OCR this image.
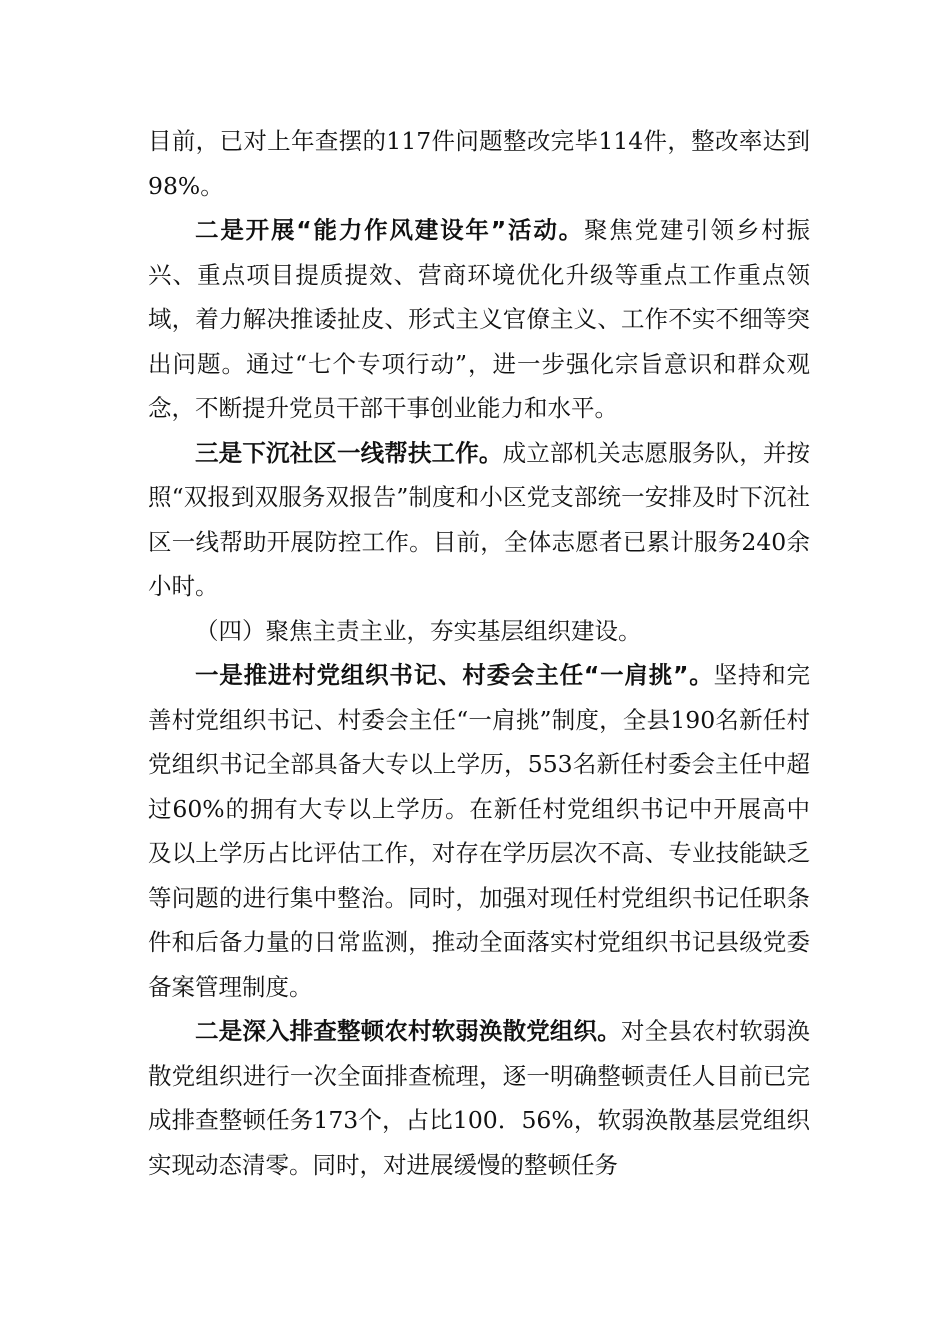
目前，已对上年查摆的117件问题整改完毕114件，整改率达到98%。

二是开展“能力作风建设年”活动。聚焦党建引领乡村振兴、重点项目提质提效、营商环境优化升级等重点工作重点领域，着力解决推诿扯皮、形式主义官僚主义、工作不实不细等突出问题。通过“七个专项行动”，进一步强化宗旨意识和群众观念，不断提升党员干部干事创业能力和水平。

三是下沉社区一线帮扶工作。成立部机关志愿服务队，并按照“双报到双服务双报告”制度和小区党支部统一安排及时下沉社区一线帮助开展防控工作。目前，全体志愿者已累计服务240余小时。

（四）聚焦主责主业，夯实基层组织建设。

一是推进村党组织书记、村委会主任“一肩挑”。坚持和完善村党组织书记、村委会主任“一肩挑”制度，全县190名新任村党组织书记全部具备大专以上学历，553名新任村委会主任中超过60%的拥有大专以上学历。在新任村党组织书记中开展高中及以上学历占比评估工作，对存在学历层次不高、专业技能缺乏等问题的进行集中整治。同时，加强对现任村党组织书记任职条件和后备力量的日常监测，推动全面落实村党组织书记县级党委备案管理制度。

二是深入排查整顿农村软弱涣散党组织。对全县农村软弱涣散党组织进行一次全面排查梳理，逐一明确整顿责任人目前已完成排查整顿任务173个，占比100．56%，软弱涣散基层党组织实现动态清零。同时，对进展缓慢的整顿任务
